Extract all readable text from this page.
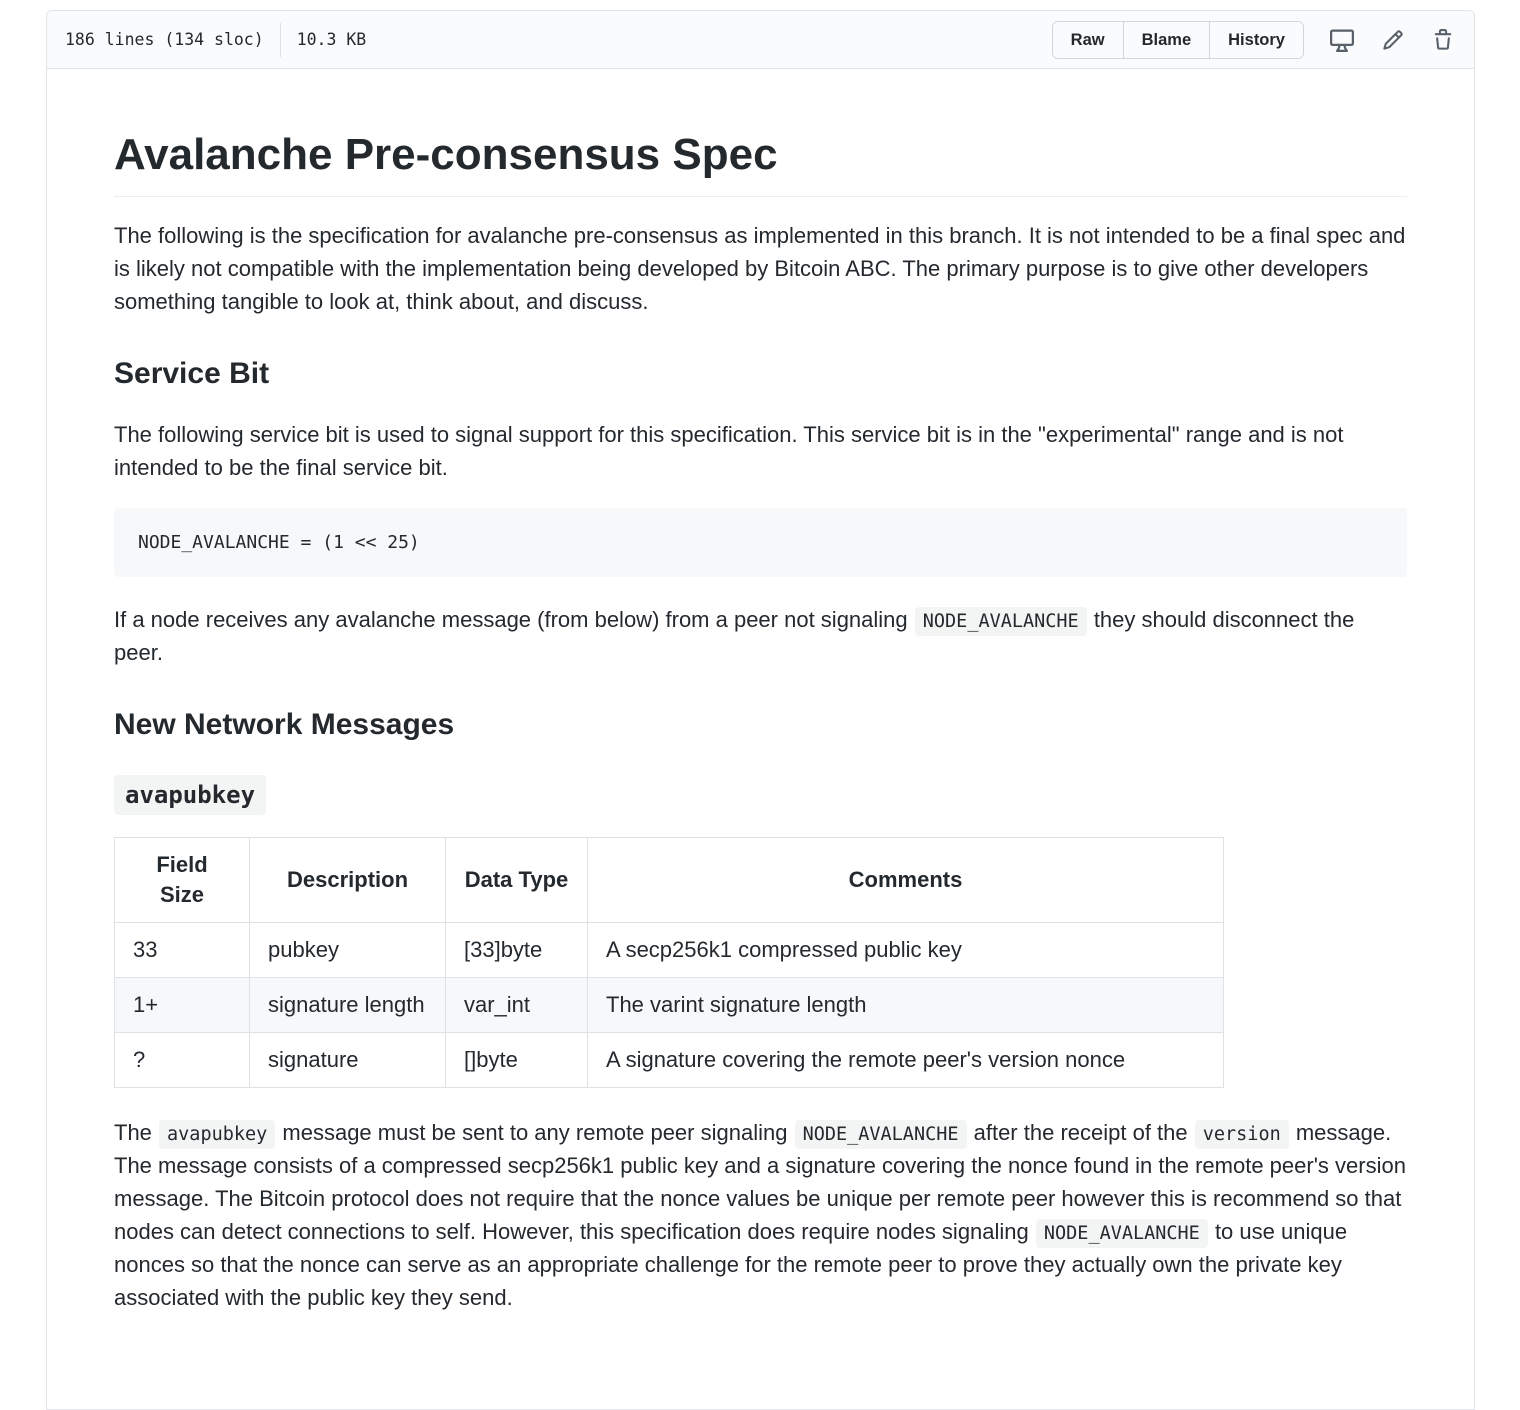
186 lines (134 sloc) 10.3 KB	Raw	Blame	History
Avalanche Pre-consensus Spec

The following is the specification for avalanche pre-consensus as implemented in this branch. It is not intended to be a final spec and is likely not compatible with the implementation being developed by Bitcoin ABC. The primary purpose is to give other developers something tangible to look at, think about, and discuss.

Service Bit

The following service bit is used to signal support for this specification. This service bit is in the "experimental" range and is not intended to be the final service bit.

NODE_AVALANCHE = (1 << 25)

If a node receives any avalanche message (from below) from a peer not signaling NODE_AVALANCHE they should disconnect the peer.

New Network Messages
avapubkey
Field Size	Description	Data Type	Comments
33	pubkey	[33]byte	A secp256k1 compressed public key
1+	signature length	var_int	The varint signature length
?	signature	[]byte	A signature covering the remote peer's version nonce

The avapubkey message must be sent to any remote peer signaling NODE_AVALANCHE after the receipt of the version message. The message consists of a compressed secp256k1 public key and a signature covering the nonce found in the remote peer's version message. The Bitcoin protocol does not require that the nonce values be unique per remote peer however this is recommend so that nodes can detect connections to self. However, this specification does require nodes signaling NODE_AVALANCHE to use unique nonces so that the nonce can serve as an appropriate challenge for the remote peer to prove they actually own the private key associated with the public key they send.
